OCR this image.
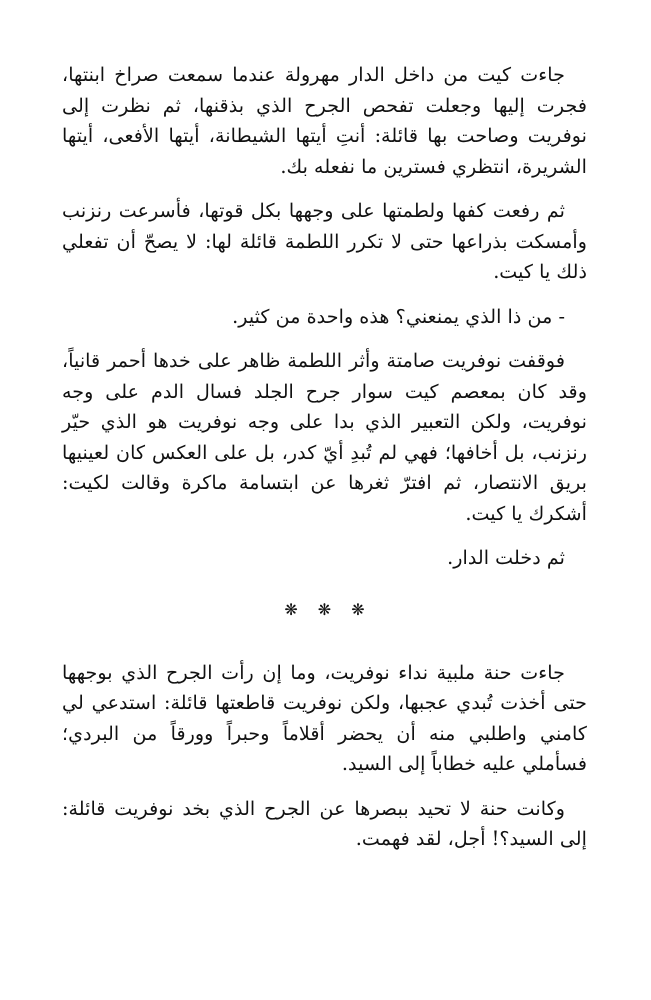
جاءت كيت من داخل الدار مهرولة عندما سمعت صراخ ابنتها، فجرت إليها وجعلت تفحص الجرح الذي بذقنها، ثم نظرت إلى نوفريت وصاحت بها قائلة: أنتِ أيتها الشيطانة، أيتها الأفعى، أيتها الشريرة، انتظري فسترين ما نفعله بك.

ثم رفعت كفها ولطمتها على وجهها بكل قوتها، فأسرعت رنزنب وأمسكت بذراعها حتى لا تكرر اللطمة قائلة لها: لا يصحّ أن تفعلي ذلك يا كيت.

- من ذا الذي يمنعني؟ هذه واحدة من كثير.

فوقفت نوفريت صامتة وأثر اللطمة ظاهر على خدها أحمر قانياً، وقد كان بمعصم كيت سوار جرح الجلد فسال الدم على وجه نوفريت، ولكن التعبير الذي بدا على وجه نوفريت هو الذي حيّر رنزنب، بل أخافها؛ فهي لم تُبدِ أيّ كدر، بل على العكس كان لعينيها بريق الانتصار، ثم افترّ ثغرها عن ابتسامة ماكرة وقالت لكيت: أشكرك يا كيت.

ثم دخلت الدار.

❋❋❋

جاءت حنة ملبية نداء نوفريت، وما إن رأت الجرح الذي بوجهها حتى أخذت تُبدي عجبها، ولكن نوفريت قاطعتها قائلة: استدعي لي كامني واطلبي منه أن يحضر أقلاماً وحبراً وورقاً من البردي؛ فسأملي عليه خطاباً إلى السيد.

وكانت حنة لا تحيد ببصرها عن الجرح الذي بخد نوفريت قائلة: إلى السيد؟! أجل، لقد فهمت.
